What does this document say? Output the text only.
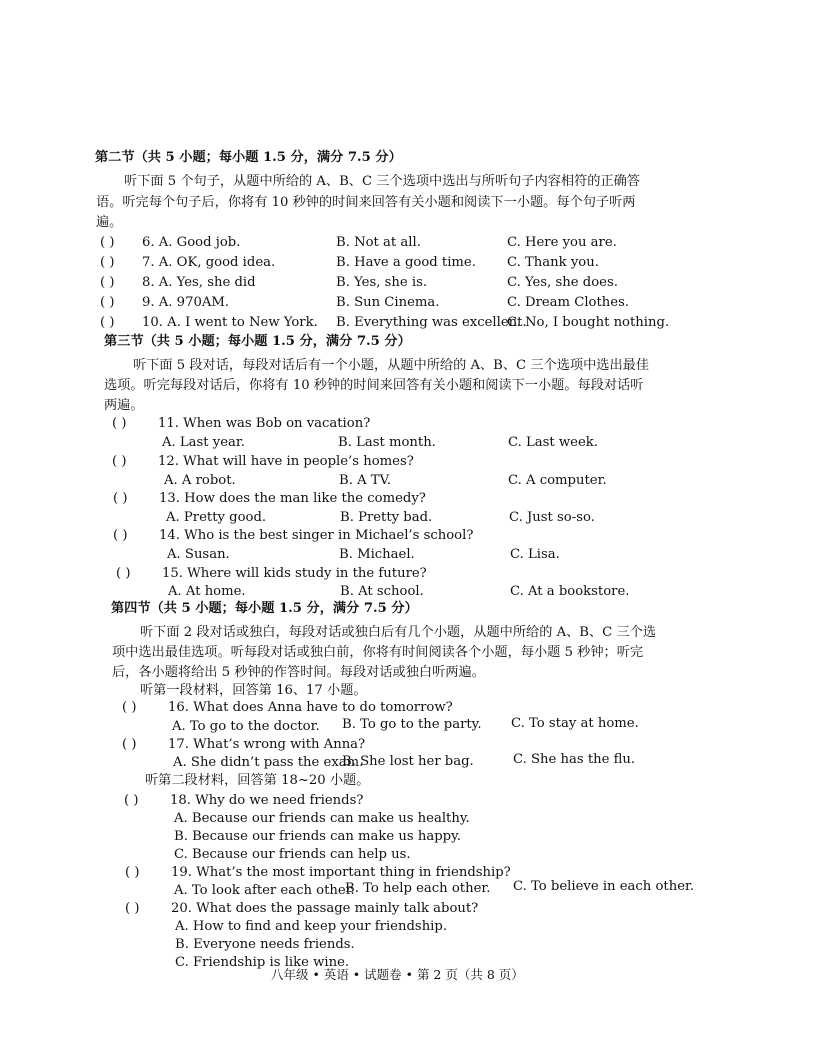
第二节（共 5 小题；每小题 1.5 分，满分 7.5 分）
听下面 5 个句子，从题中所给的 A、B、C 三个选项中选出与所听句子内容相符的正确答
语。听完每个句子后，你将有 10 秒钟的时间来回答有关小题和阅读下一小题。每个句子听两
遍。
( ) 6. A. Good job.	B. Not at all.	C. Here you are.
( ) 7. A. OK, good idea.	B. Have a good time. C. Thank you.
( ) 8. A. Yes, she did	B. Yes, she is.	C. Yes, she does.
( ) 9. A. 970AM.	B. Sun Cinema.	C. Dream Clothes.
( ) 10. A. I went to New York. B. Everything was excellent.
C. No, I bought nothing.
第三节（共 5 小题；每小题 1.5 分，满分 7.5 分）
听下面 5 段对话，每段对话后有一个小题，从题中所给的 A、B、C 三个选项中选出最佳
选项。听完每段对话后，你将有 10 秒钟的时间来回答有关小题和阅读下一小题。每段对话听
两遍。
( ) 11. When was Bob on vacation?
A. Last year.	B. Last month.	C. Last week.
( ) 12. What will have in people’s homes?
A. A robot.	B. A TV.	C. A computer.
( ) 13. How does the man like the comedy?
A. Pretty good.	B. Pretty bad.	C. Just so-so.
( ) 14. Who is the best singer in Michael’s school?
A. Susan.	B. Michael.	C. Lisa.
( ) 15. Where will kids study in the future?
A. At home.	B. At school.	C. At a bookstore.
第四节（共 5 小题；每小题 1.5 分，满分 7.5 分）
听下面 2 段对话或独白，每段对话或独白后有几个小题，从题中所给的 A、B、C 三个选
项中选出最佳选项。听每段对话或独白前，你将有时间阅读各个小题，每小题 5 秒钟；听完
后，各小题将给出 5 秒钟的作答时间。每段对话或独白听两遍。
听第一段材料，回答第 16、17 小题。
( ) 16. What does Anna have to do tomorrow?
A. To go to the doctor. B. To go to the party. C. To stay at home.
( ) 17. What’s wrong with Anna?
A. She didn’t pass the exam.
B. She lost her bag.	C. She has the flu.
听第二段材料，回答第 18~20 小题。
( ) 18. Why do we need friends?
A. Because our friends can make us healthy.
B. Because our friends can make us happy.
C. Because our friends can help us.
( ) 19. What’s the most important thing in friendship?
A. To look after each other.
B. To help each other. C. To believe in each other.
( ) 20. What does the passage mainly talk about?
A. How to find and keep your friendship.
B. Everyone needs friends.
C. Friendship is like wine.
八年级 • 英语 • 试题卷 • 第 2 页（共 8 页）
